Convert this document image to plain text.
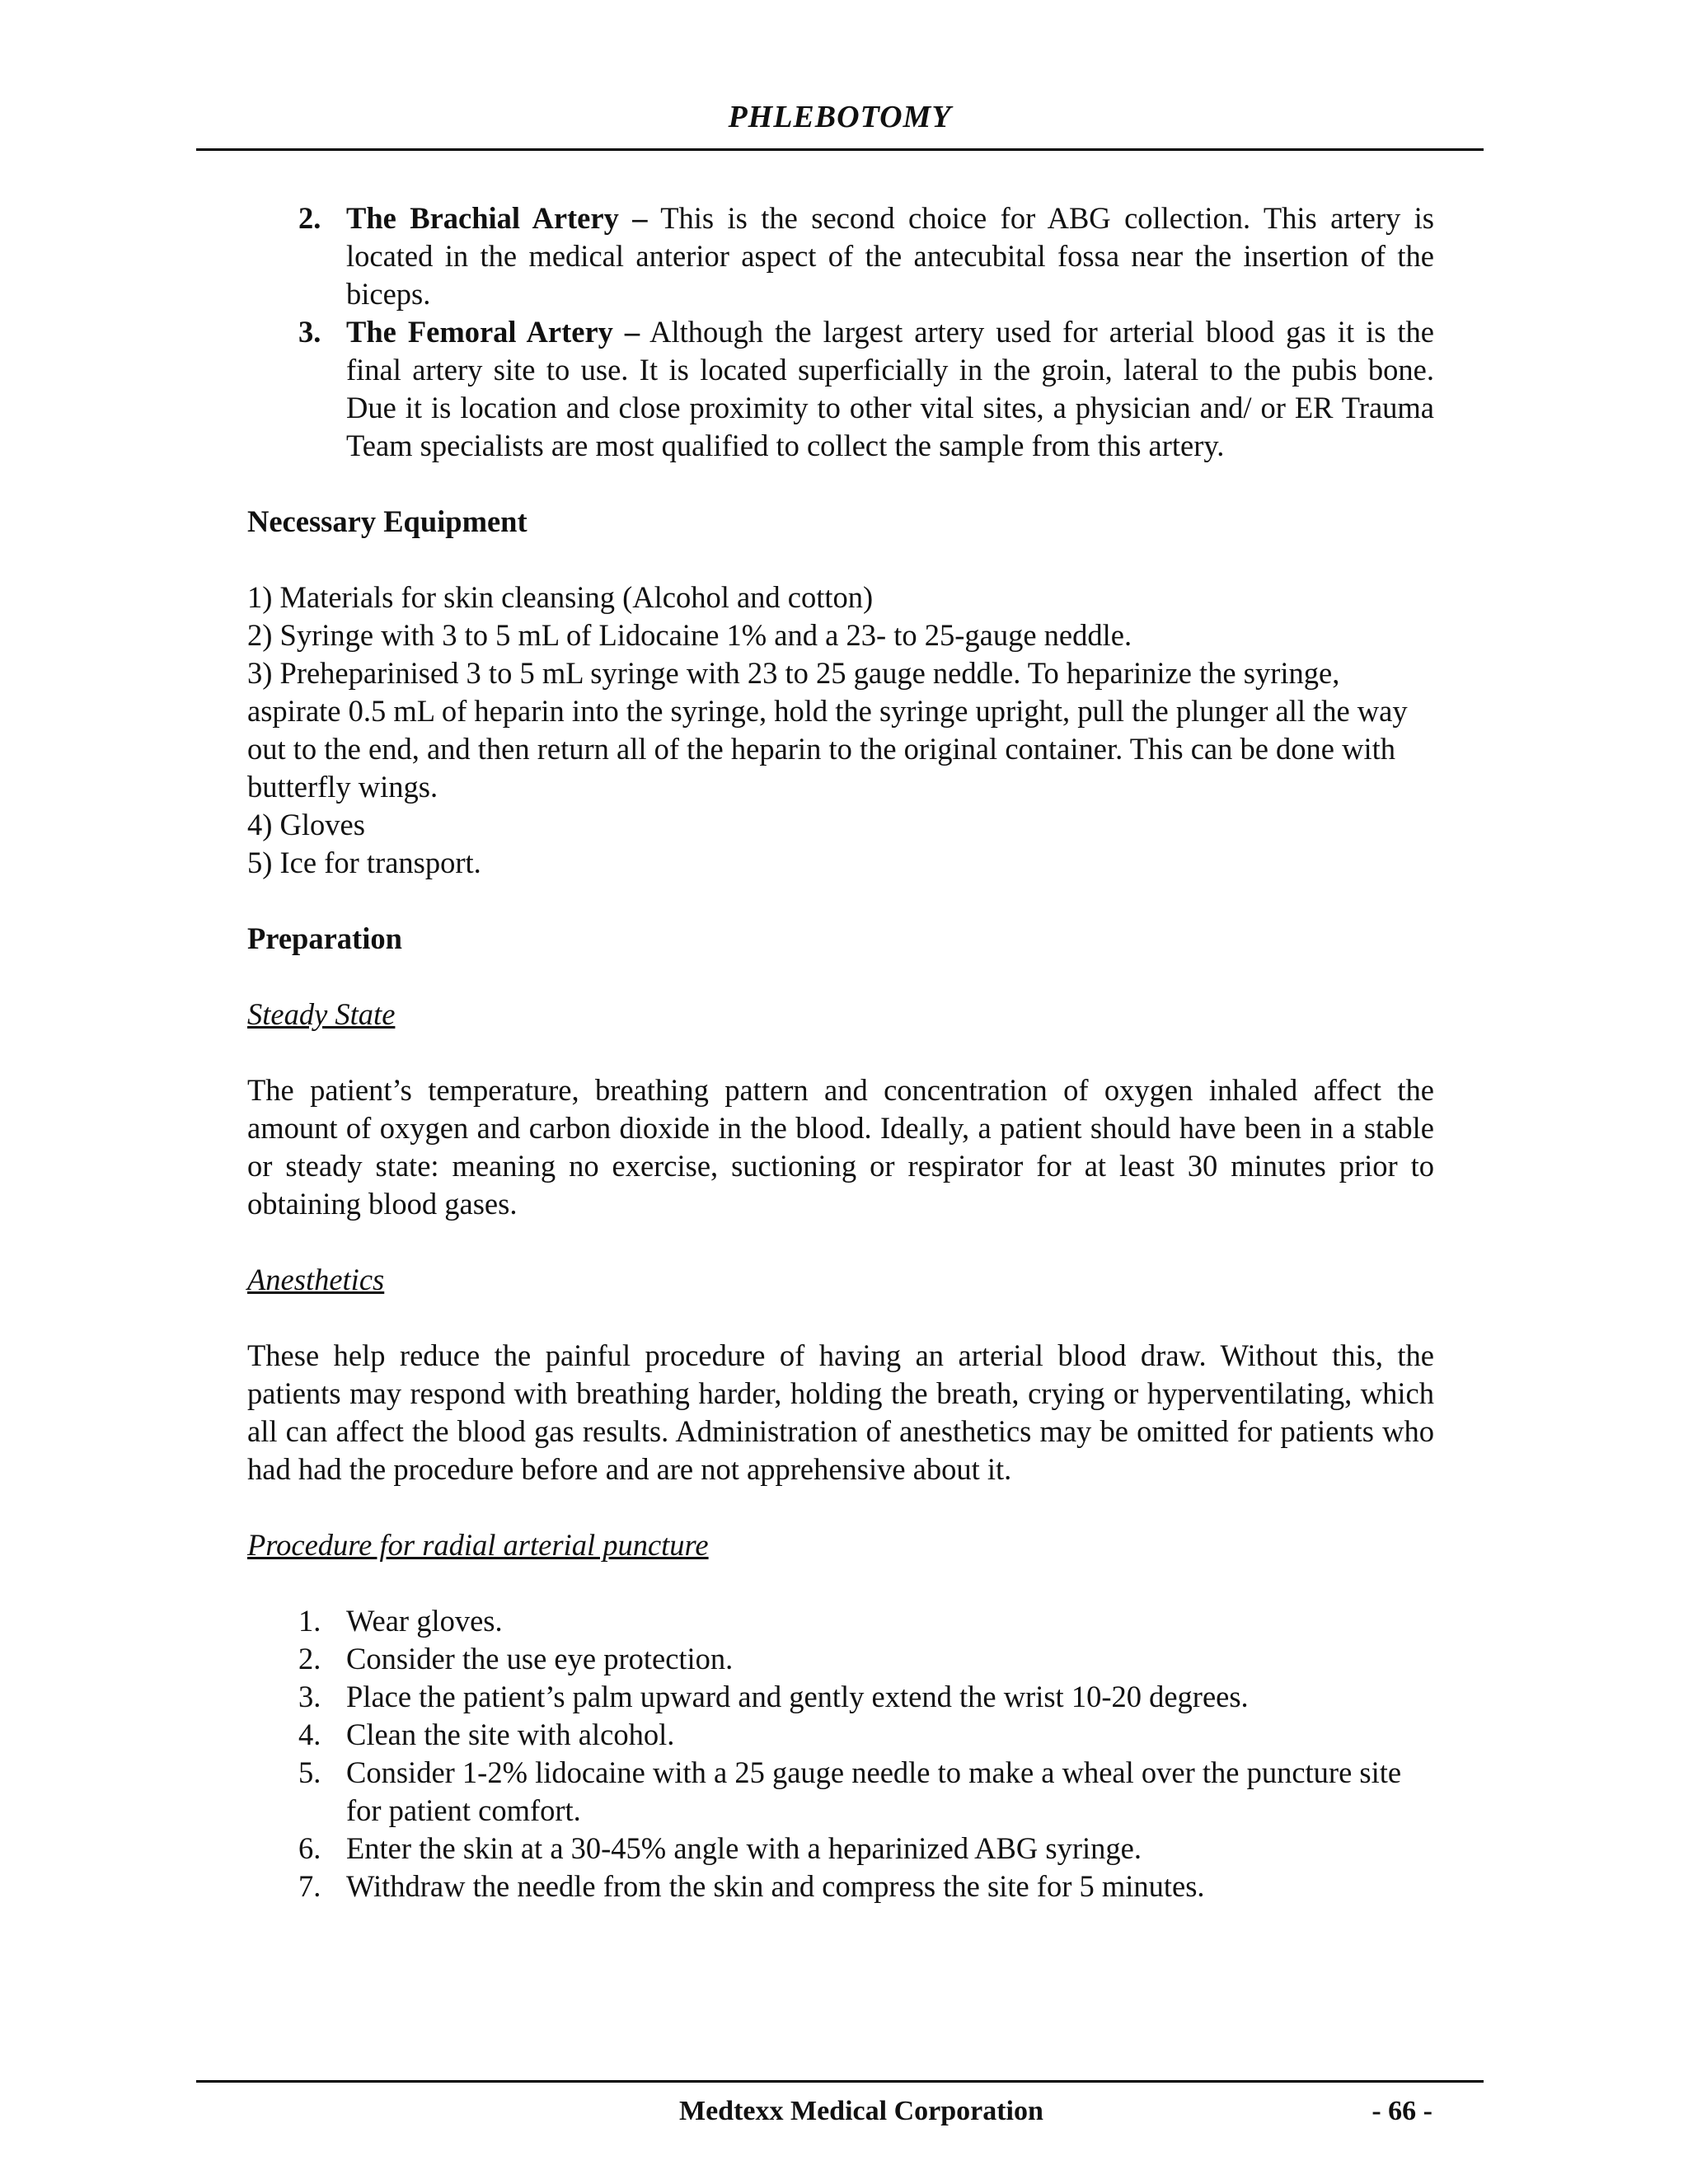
PHLEBOTOMY
2. The Brachial Artery – This is the second choice for ABG collection. This artery is located in the medical anterior aspect of the antecubital fossa near the insertion of the biceps.
3. The Femoral Artery – Although the largest artery used for arterial blood gas it is the final artery site to use. It is located superficially in the groin, lateral to the pubis bone. Due it is location and close proximity to other vital sites, a physician and/ or ER Trauma Team specialists are most qualified to collect the sample from this artery.
Necessary Equipment
1) Materials for skin cleansing (Alcohol and cotton)
2) Syringe with 3 to 5 mL of Lidocaine 1% and a 23- to 25-gauge neddle.
3) Preheparinised 3 to 5 mL syringe with 23 to 25 gauge neddle. To heparinize the syringe, aspirate 0.5 mL of heparin into the syringe, hold the syringe upright, pull the plunger all the way out to the end, and then return all of the heparin to the original container. This can be done with butterfly wings.
4) Gloves
5) Ice for transport.
Preparation
Steady State

The patient’s temperature, breathing pattern and concentration of oxygen inhaled affect the amount of oxygen and carbon dioxide in the blood. Ideally, a patient should have been in a stable or steady state: meaning no exercise, suctioning or respirator for at least 30 minutes prior to obtaining blood gases.

Anesthetics

These help reduce the painful procedure of having an arterial blood draw. Without this, the patients may respond with breathing harder, holding the breath, crying or hyperventilating, which all can affect the blood gas results. Administration of anesthetics may be omitted for patients who had had the procedure before and are not apprehensive about it.

Procedure for radial arterial puncture
1. Wear gloves.
2. Consider the use eye protection.
3. Place the patient’s palm upward and gently extend the wrist 10-20 degrees.
4. Clean the site with alcohol.
5. Consider 1-2% lidocaine with a 25 gauge needle to make a wheal over the puncture site for patient comfort.
6. Enter the skin at a 30-45% angle with a heparinized ABG syringe.
7. Withdraw the needle from the skin and compress the site for 5 minutes.
Medtexx Medical Corporation	- 66 -
